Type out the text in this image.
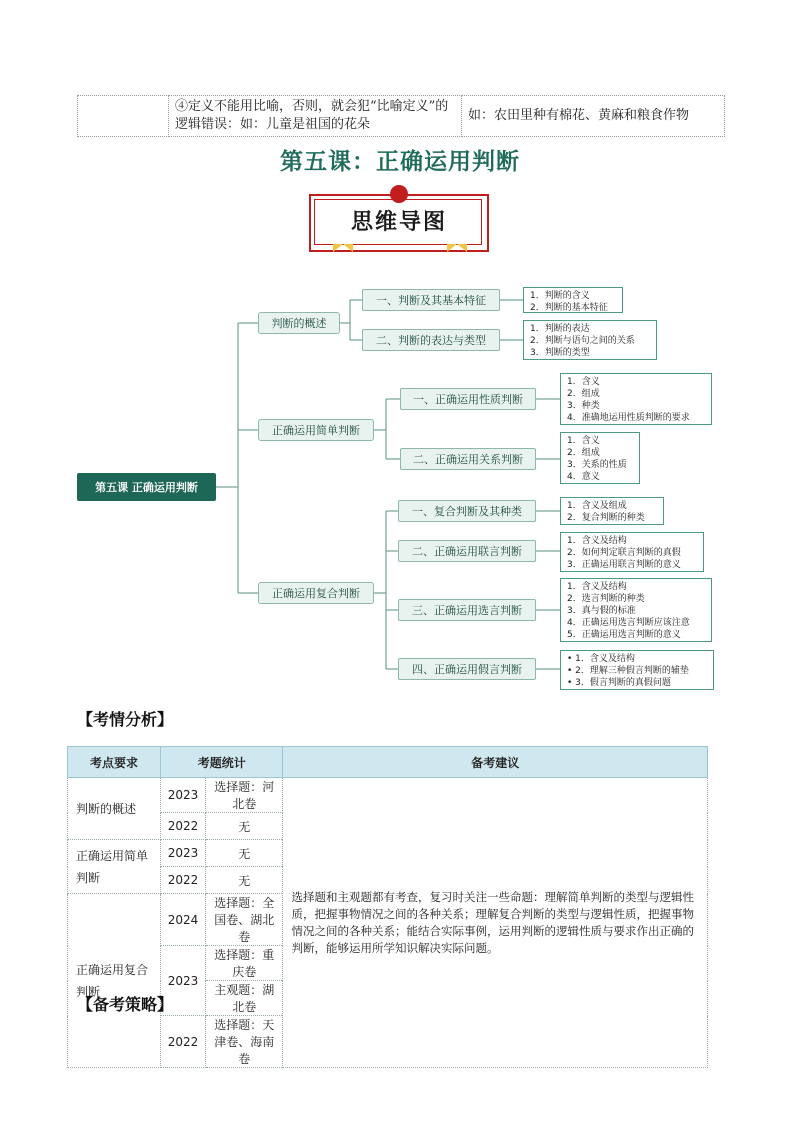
	④定义不能用比喻，否则，就会犯“比喻定义”的逻辑错误：如：儿童是祖国的花朵	如：农田里种有棉花、黄麻和粮食作物
第五课：正确运用判断
思维导图
第五课 正确运用判断
判断的概述
一、判断及其基本特征
二、判断的表达与类型
1．判断的含义
2．判断的基本特征
1．判断的表达
2．判断与语句之间的关系
3．判断的类型
正确运用简单判断
一、正确运用性质判断
二、正确运用关系判断
1．含义
2．组成
3．种类
4．准确地运用性质判断的要求
1．含义
2．组成
3．关系的性质
4．意义
正确运用复合判断
一、复合判断及其种类
二、正确运用联言判断
三、正确运用选言判断
四、正确运用假言判断
1．含义及组成
2．复合判断的种类
1．含义及结构
2．如何判定联言判断的真假
3．正确运用联言判断的意义
1．含义及结构
2．选言判断的种类
3．真与假的标准
4．正确运用选言判断应该注意
5．正确运用选言判断的意义
• 1．含义及结构
• 2．理解三种假言判断的辅垫
• 3．假言判断的真假问题
【考情分析】
考点要求	考题统计		备考建议
判断的概述	2023	选择题：河北卷	选择题和主观题都有考查，复习时关注一些命题：理解简单判断的类型与逻辑性质，把握事物情况之间的各种关系；理解复合判断的类型与逻辑性质，把握事物情况之间的各种关系；能结合实际事例，运用判断的逻辑性质与要求作出正确的判断，能够运用所学知识解决实际问题。
	2022	无	
正确运用简单判断	2023	无	
	2022	无	
正确运用复合判断	2024	选择题：全国卷、湖北卷	
	2023	选择题：重庆卷	
		主观题：湖北卷	
	2022	选择题：天津卷、海南卷	
【备考策略】
